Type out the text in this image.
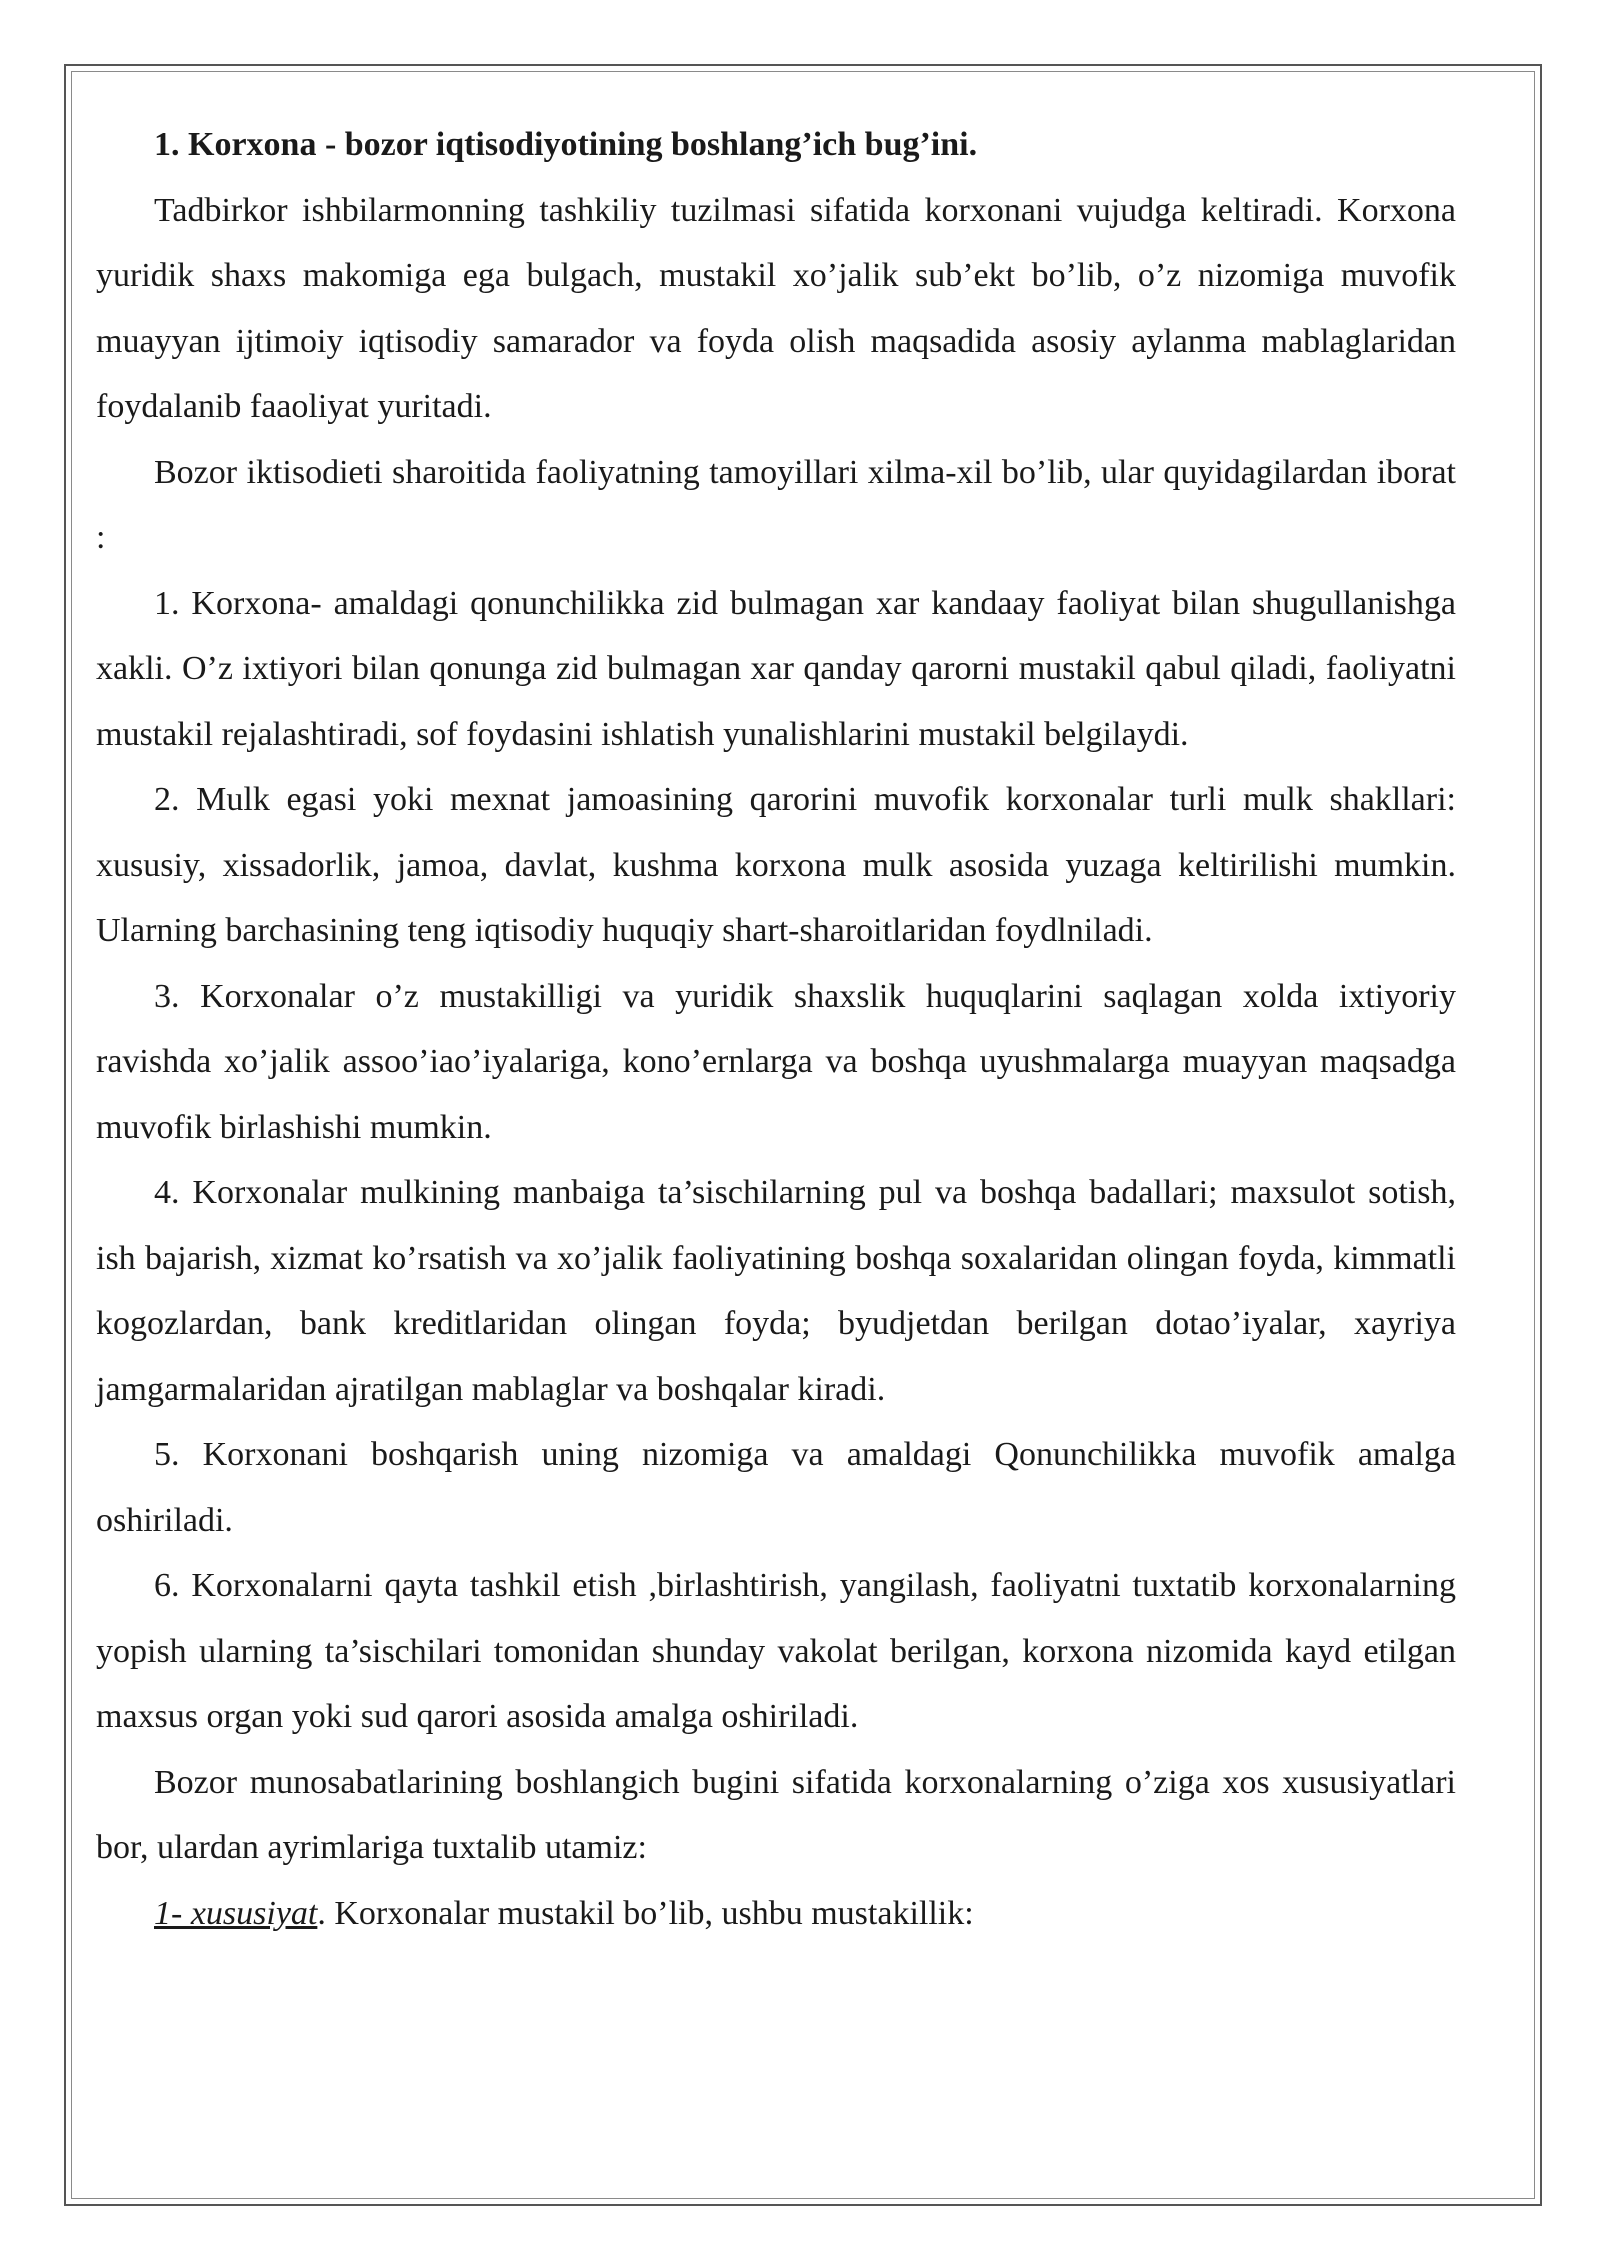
1. Korxona - bozor iqtisodiyotining boshlang’ich bug’ini.

Tadbirkor ishbilarmonning tashkiliy tuzilmasi sifatida korxonani vujudga keltiradi. Korxona yuridik shaxs makomiga ega bulgach, mustakil xo’jalik sub’ekt bo’lib, o’z nizomiga muvofik muayyan ijtimoiy iqtisodiy samarador va foyda olish maqsadida asosiy aylanma mablaglaridan foydalanib faaoliyat yuritadi.

Bozor iktisodieti sharoitida faoliyatning tamoyillari xilma-xil bo’lib, ular quyidagilardan iborat :

1. Korxona- amaldagi qonunchilikka zid bulmagan xar kandaay faoliyat bilan shugullanishga xakli. O’z ixtiyori bilan qonunga zid bulmagan xar qanday qarorni mustakil qabul qiladi, faoliyatni mustakil rejalashtiradi, sof foydasini ishlatish yunalishlarini mustakil belgilaydi.

2. Mulk egasi yoki mexnat jamoasining qarorini muvofik korxonalar turli mulk shakllari: xususiy, xissadorlik, jamoa, davlat, kushma korxona mulk asosida yuzaga keltirilishi mumkin. Ularning barchasining teng iqtisodiy huquqiy shart-sharoitlaridan foydlniladi.

3. Korxonalar o’z mustakilligi va yuridik shaxslik huquqlarini saqlagan xolda ixtiyoriy ravishda xo’jalik assoo’iao’iyalariga, kono’ernlarga va boshqa uyushmalarga muayyan maqsadga muvofik birlashishi mumkin.

4. Korxonalar mulkining manbaiga ta’sischilarning pul va boshqa badallari; maxsulot sotish, ish bajarish, xizmat ko’rsatish va xo’jalik faoliyatining boshqa soxalaridan olingan foyda, kimmatli kogozlardan, bank kreditlaridan olingan foyda; byudjetdan berilgan dotao’iyalar, xayriya jamgarmalaridan ajratilgan mablaglar va boshqalar kiradi.

5. Korxonani boshqarish uning nizomiga va amaldagi Qonunchilikka muvofik amalga oshiriladi.

6. Korxonalarni qayta tashkil etish ,birlashtirish, yangilash, faoliyatni tuxtatib korxonalarning yopish ularning ta’sischilari tomonidan shunday vakolat berilgan, korxona nizomida kayd etilgan maxsus organ yoki sud qarori asosida amalga oshiriladi.

Bozor munosabatlarining boshlangich bugini sifatida korxonalarning o’ziga xos xususiyatlari bor, ulardan ayrimlariga tuxtalib utamiz:

1- xususiyat. Korxonalar mustakil bo’lib, ushbu mustakillik:
